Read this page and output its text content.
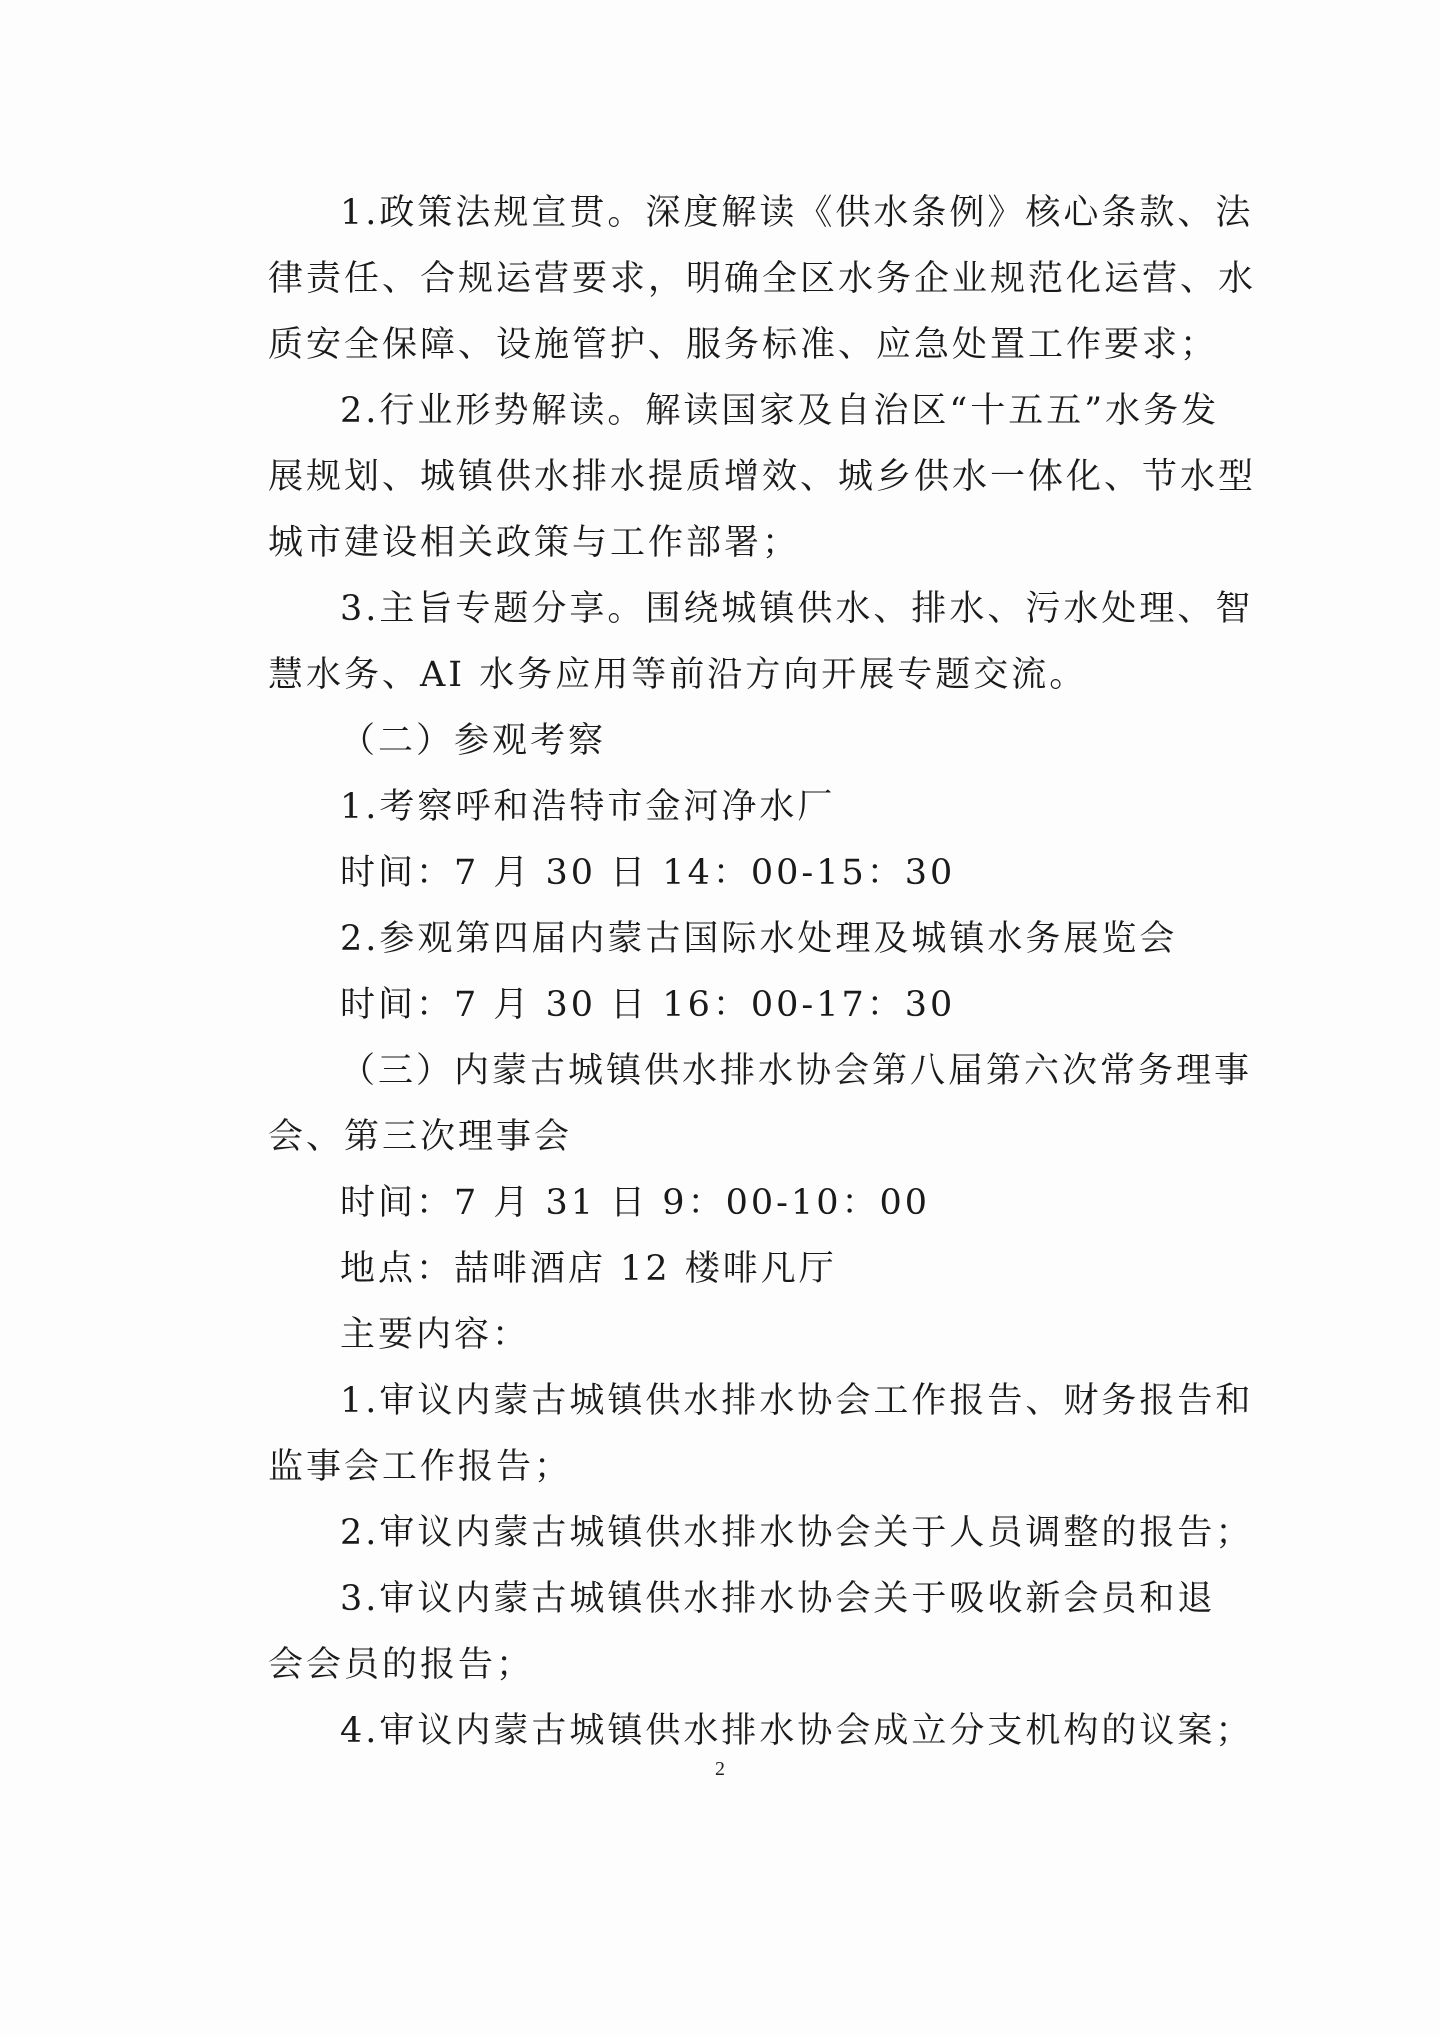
1.政策法规宣贯。深度解读《供水条例》核心条款、法
律责任、合规运营要求，明确全区水务企业规范化运营、水
质安全保障、设施管护、服务标准、应急处置工作要求；
2.行业形势解读。解读国家及自治区“十五五”水务发
展规划、城镇供水排水提质增效、城乡供水一体化、节水型
城市建设相关政策与工作部署；
3.主旨专题分享。围绕城镇供水、排水、污水处理、智
慧水务、AI 水务应用等前沿方向开展专题交流。
（二）参观考察
1.考察呼和浩特市金河净水厂
时间：7 月 30 日 14：00-15：30
2.参观第四届内蒙古国际水处理及城镇水务展览会
时间：7 月 30 日 16：00-17：30
（三）内蒙古城镇供水排水协会第八届第六次常务理事
会、第三次理事会
时间：7 月 31 日 9：00-10：00
地点：喆啡酒店 12 楼啡凡厅
主要内容：
1.审议内蒙古城镇供水排水协会工作报告、财务报告和
监事会工作报告；
2.审议内蒙古城镇供水排水协会关于人员调整的报告；
3.审议内蒙古城镇供水排水协会关于吸收新会员和退
会会员的报告；
4.审议内蒙古城镇供水排水协会成立分支机构的议案；
2
